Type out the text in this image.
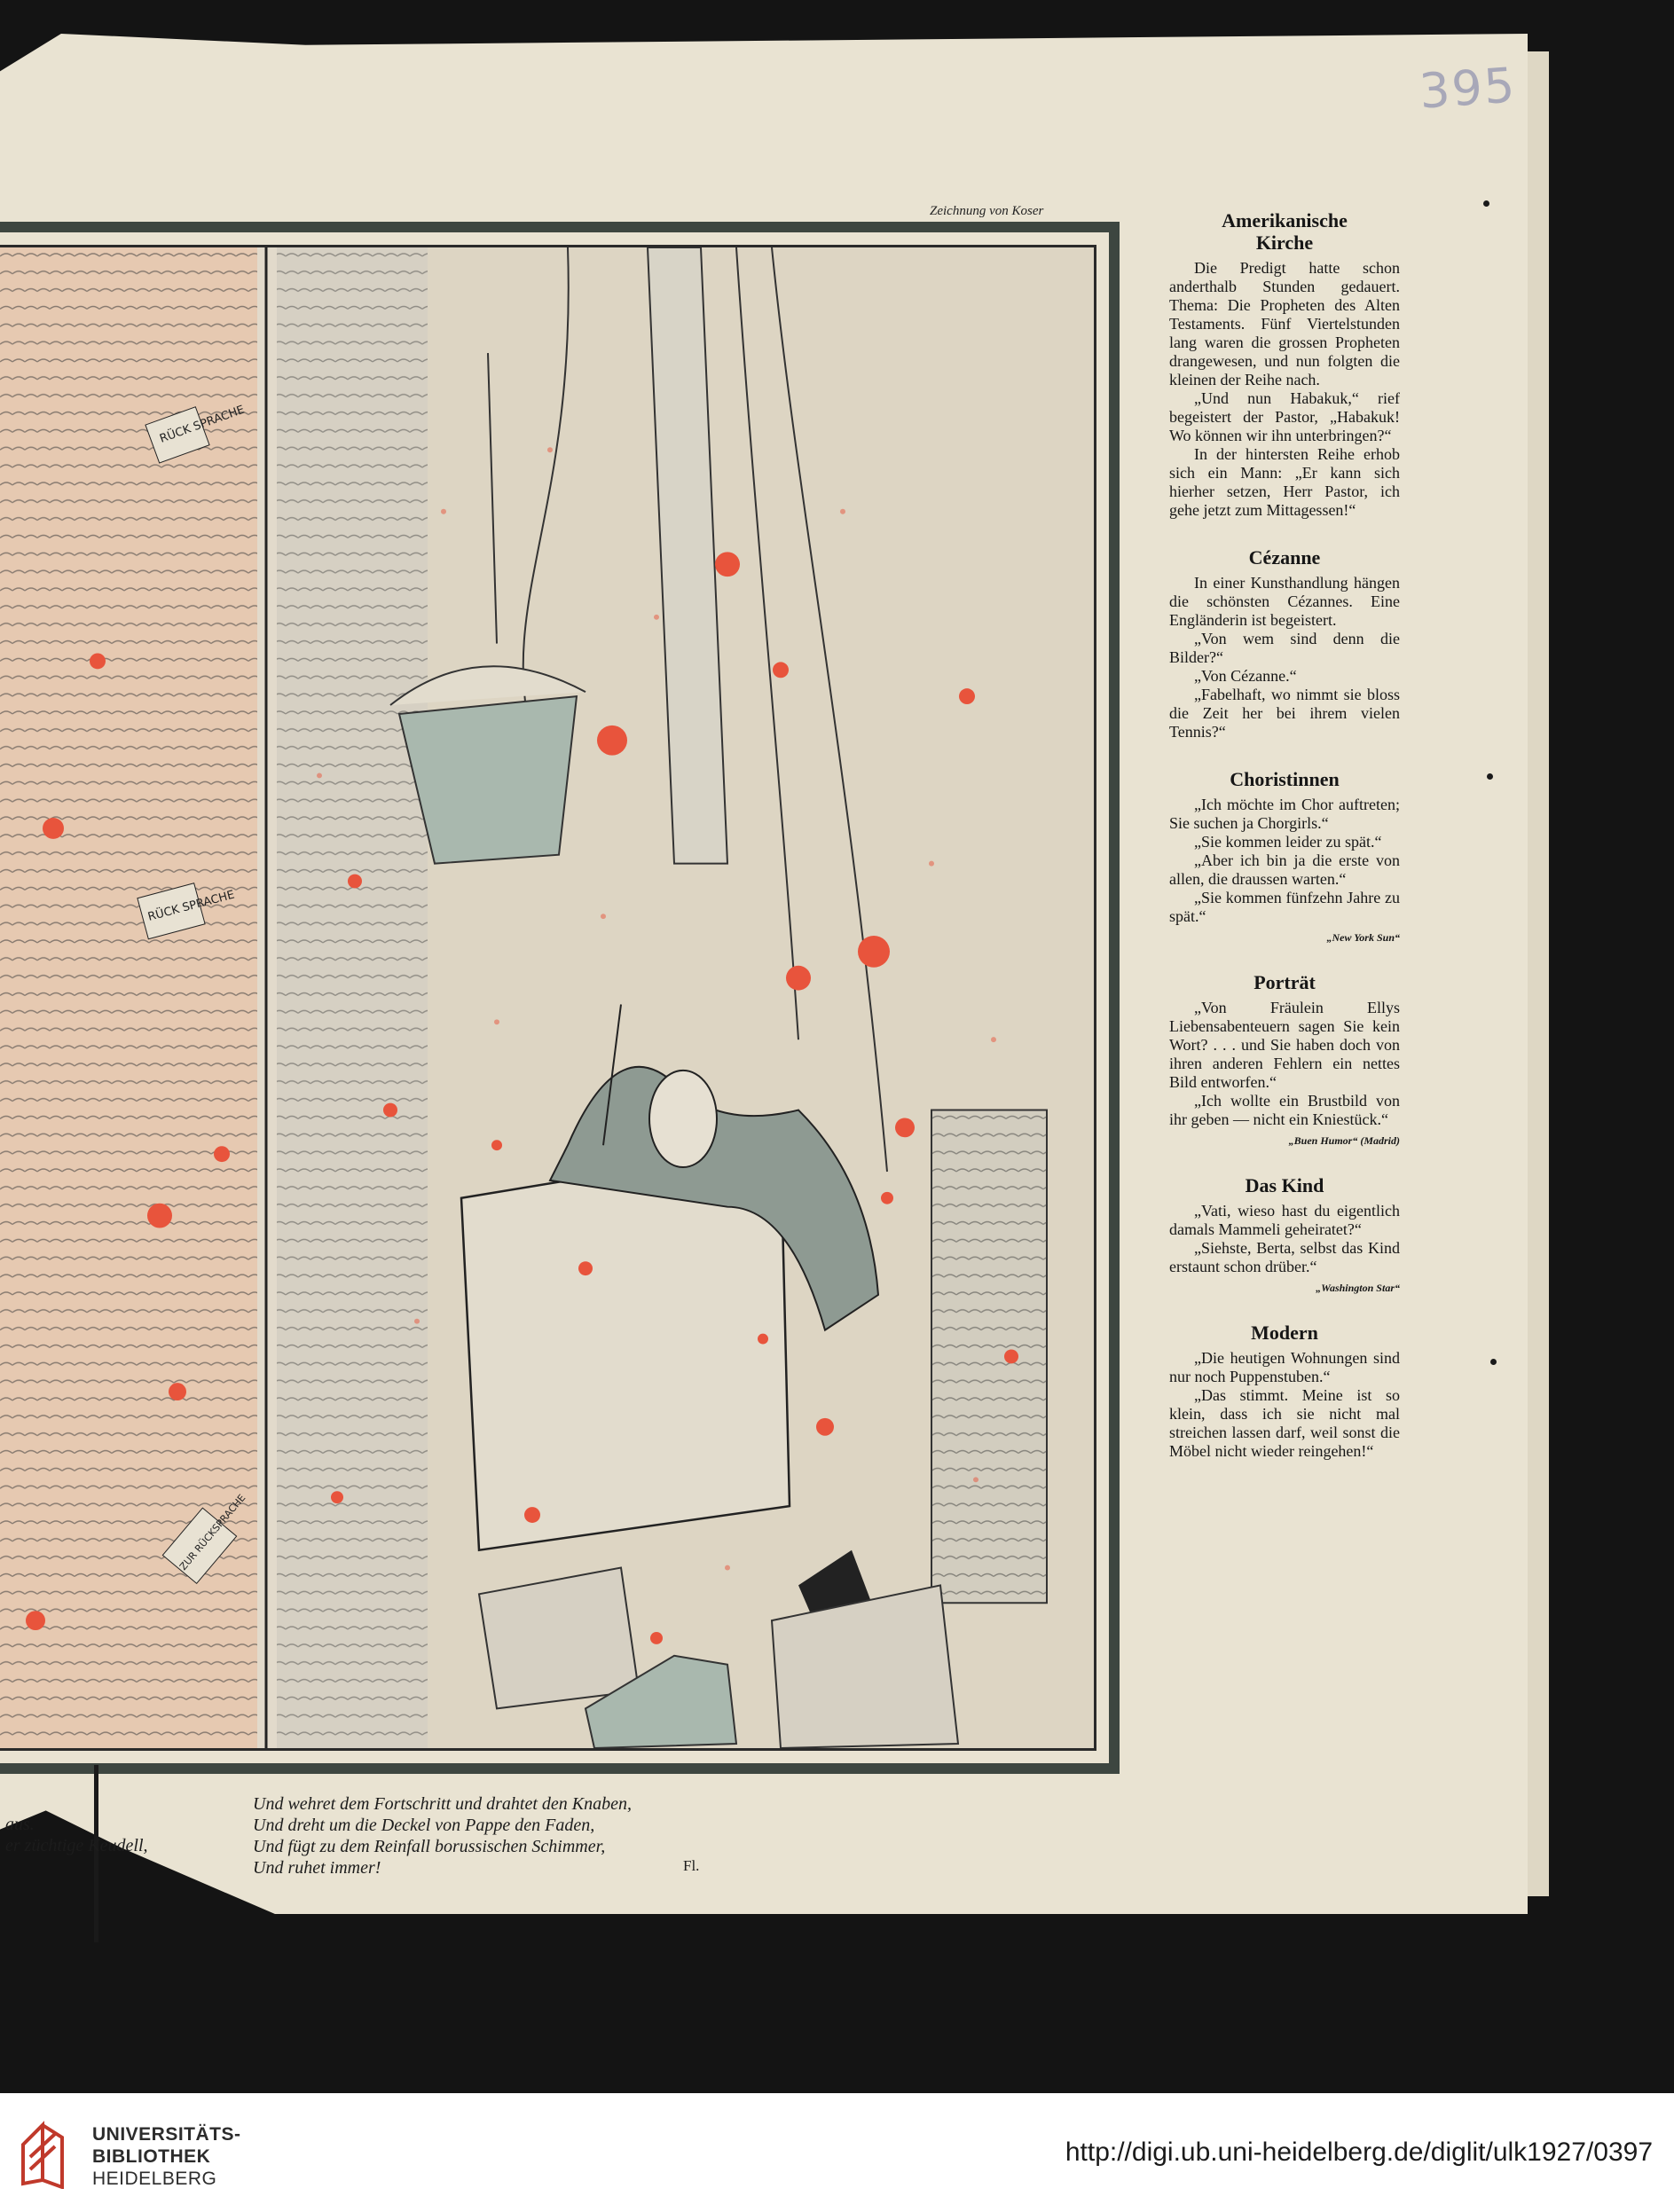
395
Zeichnung von Koser
RÜCK SPRACHE
RÜCK SPRACHE
ZUR RÜCKSPRACHE
aus.
er züchtige Keudell,
Und wehret dem Fortschritt und drahtet den Knaben,
Und dreht um die Deckel von Pappe den Faden,
Und fügt zu dem Reinfall borussischen Schimmer,
Und ruhet immer!	Fl.
Amerikanische Kirche

Die Predigt hatte schon anderthalb Stunden gedauert. Thema: Die Propheten des Alten Testaments. Fünf Viertelstunden lang waren die grossen Propheten drangewesen, und nun folgten die kleinen der Reihe nach.

„Und nun Habakuk,“ rief begeistert der Pastor, „Habakuk! Wo können wir ihn unterbringen?“

In der hintersten Reihe erhob sich ein Mann: „Er kann sich hierher setzen, Herr Pastor, ich gehe jetzt zum Mittagessen!“

Cézanne

In einer Kunsthandlung hängen die schönsten Cézannes. Eine Engländerin ist begeistert.

„Von wem sind denn die Bilder?“

„Von Cézanne.“

„Fabelhaft, wo nimmt sie bloss die Zeit her bei ihrem vielen Tennis?“

Choristinnen

„Ich möchte im Chor auftreten; Sie suchen ja Chorgirls.“

„Sie kommen leider zu spät.“

„Aber ich bin ja die erste von allen, die draussen warten.“

„Sie kommen fünfzehn Jahre zu spät.“

„New York Sun“
Porträt

„Von Fräulein Ellys Liebensabenteuern sagen Sie kein Wort? . . . und Sie haben doch von ihren anderen Fehlern ein nettes Bild entworfen.“

„Ich wollte ein Brustbild von ihr geben — nicht ein Kniestück.“

„Buen Humor“ (Madrid)
Das Kind

„Vati, wieso hast du eigentlich damals Mammeli geheiratet?“

„Siehste, Berta, selbst das Kind erstaunt schon drüber.“

„Washington Star“
Modern

„Die heutigen Wohnungen sind nur noch Puppenstuben.“

„Das stimmt. Meine ist so klein, dass ich sie nicht mal streichen lassen darf, weil sonst die Möbel nicht wieder reingehen!“

UNIVERSITÄTS-
BIBLIOTHEK
HEIDELBERG
http://digi.ub.uni-heidelberg.de/diglit/ulk1927/0397
